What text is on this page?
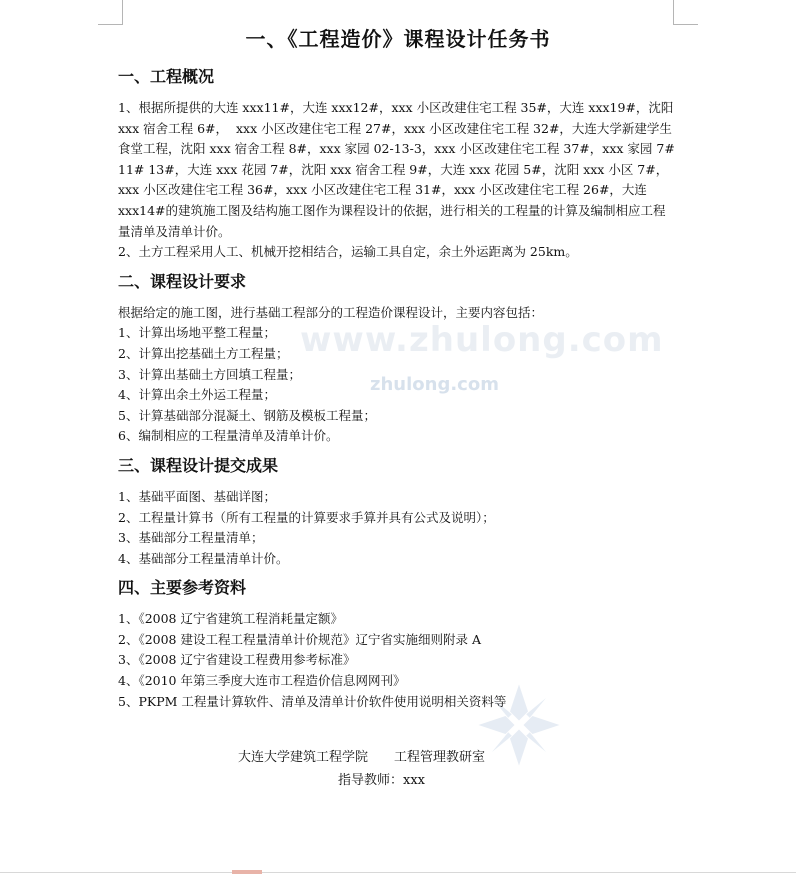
www.zhulong.com
zhulong.com
一、《工程造价》课程设计任务书
一、工程概况

1、根据所提供的大连 xxx11#，大连 xxx12#，xxx 小区改建住宅工程 35#，大连 xxx19#，沈阳 xxx 宿舍工程 6#，  xxx 小区改建住宅工程 27#，xxx 小区改建住宅工程 32#，大连大学新建学生食堂工程，沈阳 xxx 宿舍工程 8#，xxx 家园 02-13-3，xxx 小区改建住宅工程 37#，xxx 家园 7# 11# 13#，大连 xxx 花园 7#，沈阳 xxx 宿舍工程 9#，大连 xxx 花园 5#，沈阳 xxx 小区 7#，xxx 小区改建住宅工程 36#，xxx 小区改建住宅工程 31#，xxx 小区改建住宅工程 26#，大连 xxx14#的建筑施工图及结构施工图作为课程设计的依据，进行相关的工程量的计算及编制相应工程量清单及清单计价。

2、土方工程采用人工、机械开挖相结合，运输工具自定，余土外运距离为 25km。

二、课程设计要求

根据给定的施工图，进行基础工程部分的工程造价课程设计，主要内容包括：

1、计算出场地平整工程量；

2、计算出挖基础土方工程量；

3、计算出基础土方回填工程量；

4、计算出余土外运工程量；

5、计算基础部分混凝土、钢筋及模板工程量；

6、编制相应的工程量清单及清单计价。

三、课程设计提交成果

1、基础平面图、基础详图；

2、工程量计算书（所有工程量的计算要求手算并具有公式及说明）；

3、基础部分工程量清单；

4、基础部分工程量清单计价。

四、主要参考资料

1、《2008 辽宁省建筑工程消耗量定额》

2、《2008 建设工程工程量清单计价规范》辽宁省实施细则附录 A

3、《2008 辽宁省建设工程费用参考标准》

4、《2010 年第三季度大连市工程造价信息网网刊》

5、PKPM 工程量计算软件、清单及清单计价软件使用说明相关资料等

大连大学建筑工程学院　　工程管理教研室
指导教师：xxx
